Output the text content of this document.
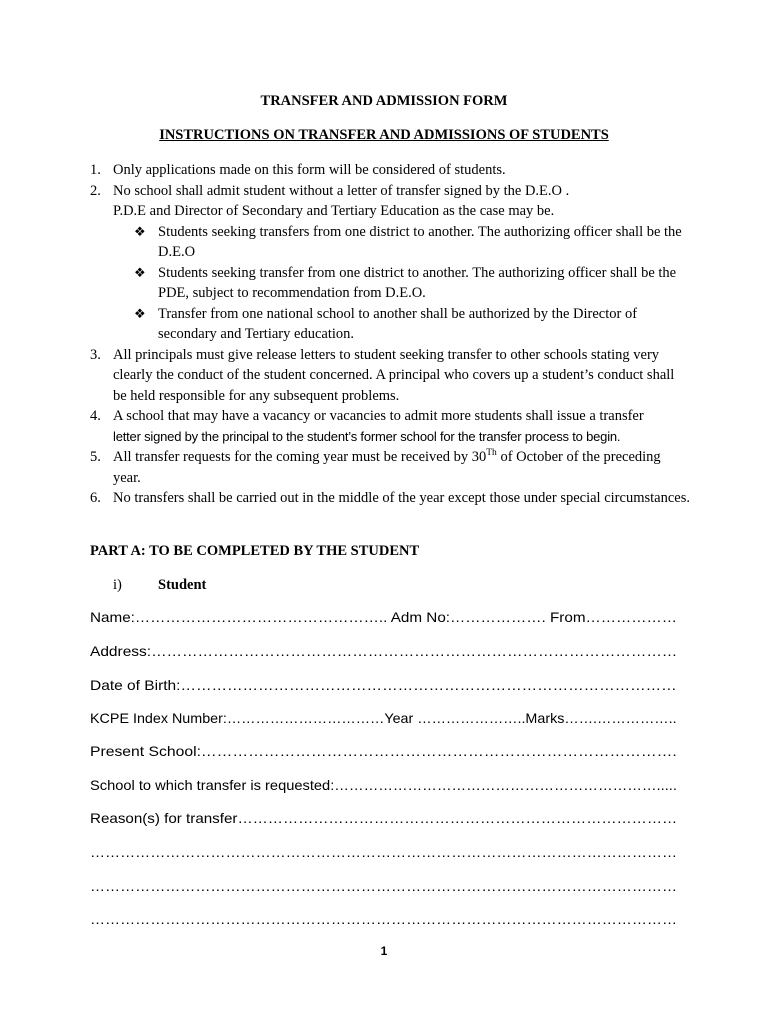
TRANSFER AND ADMISSION FORM
INSTRUCTIONS ON TRANSFER AND ADMISSIONS OF STUDENTS
1. Only applications made on this form will be considered of students.
2. No school shall admit student without a letter of transfer signed by the D.E.O .
P.D.E and Director of Secondary and Tertiary Education as the case may be.
❖ Students seeking transfers from one district to another. The authorizing officer shall be the D.E.O
❖ Students seeking transfer from one district to another. The authorizing officer shall be the PDE, subject to recommendation from D.E.O.
❖ Transfer from one national school to another shall be authorized by the Director of secondary and Tertiary education.
3. All principals must give release letters to student seeking transfer to other schools stating very clearly the conduct of the student concerned. A principal who covers up a student’s conduct shall be held responsible for any subsequent problems.
4. A school that may have a vacancy or vacancies to admit more students shall issue a transfer
letter signed by the principal to the student’s former school for the transfer process to begin.
5. All transfer requests for the coming year must be received by 30Th of October of the preceding year.
6. No transfers shall be carried out in the middle of the year except those under special circumstances.
PART A: TO BE COMPLETED BY THE STUDENT
i) Student
Name:………………………………………….. Adm No:………………. From………………
Address:…………………………………………………………………………………………
Date of Birth:……………………………………………………………………………………
KCPE Index Number:……………………………Year …………………..Marks…….……………..
Present School:……………………………………………………………………………….
School to which transfer is requested:………………………………………………………….....
Reason(s) for transfer……………………………………………………………………………
………………………………………………………………………………………………………
………………………………………………………………………………………………………
………………………………………………………………………………………………………
1
